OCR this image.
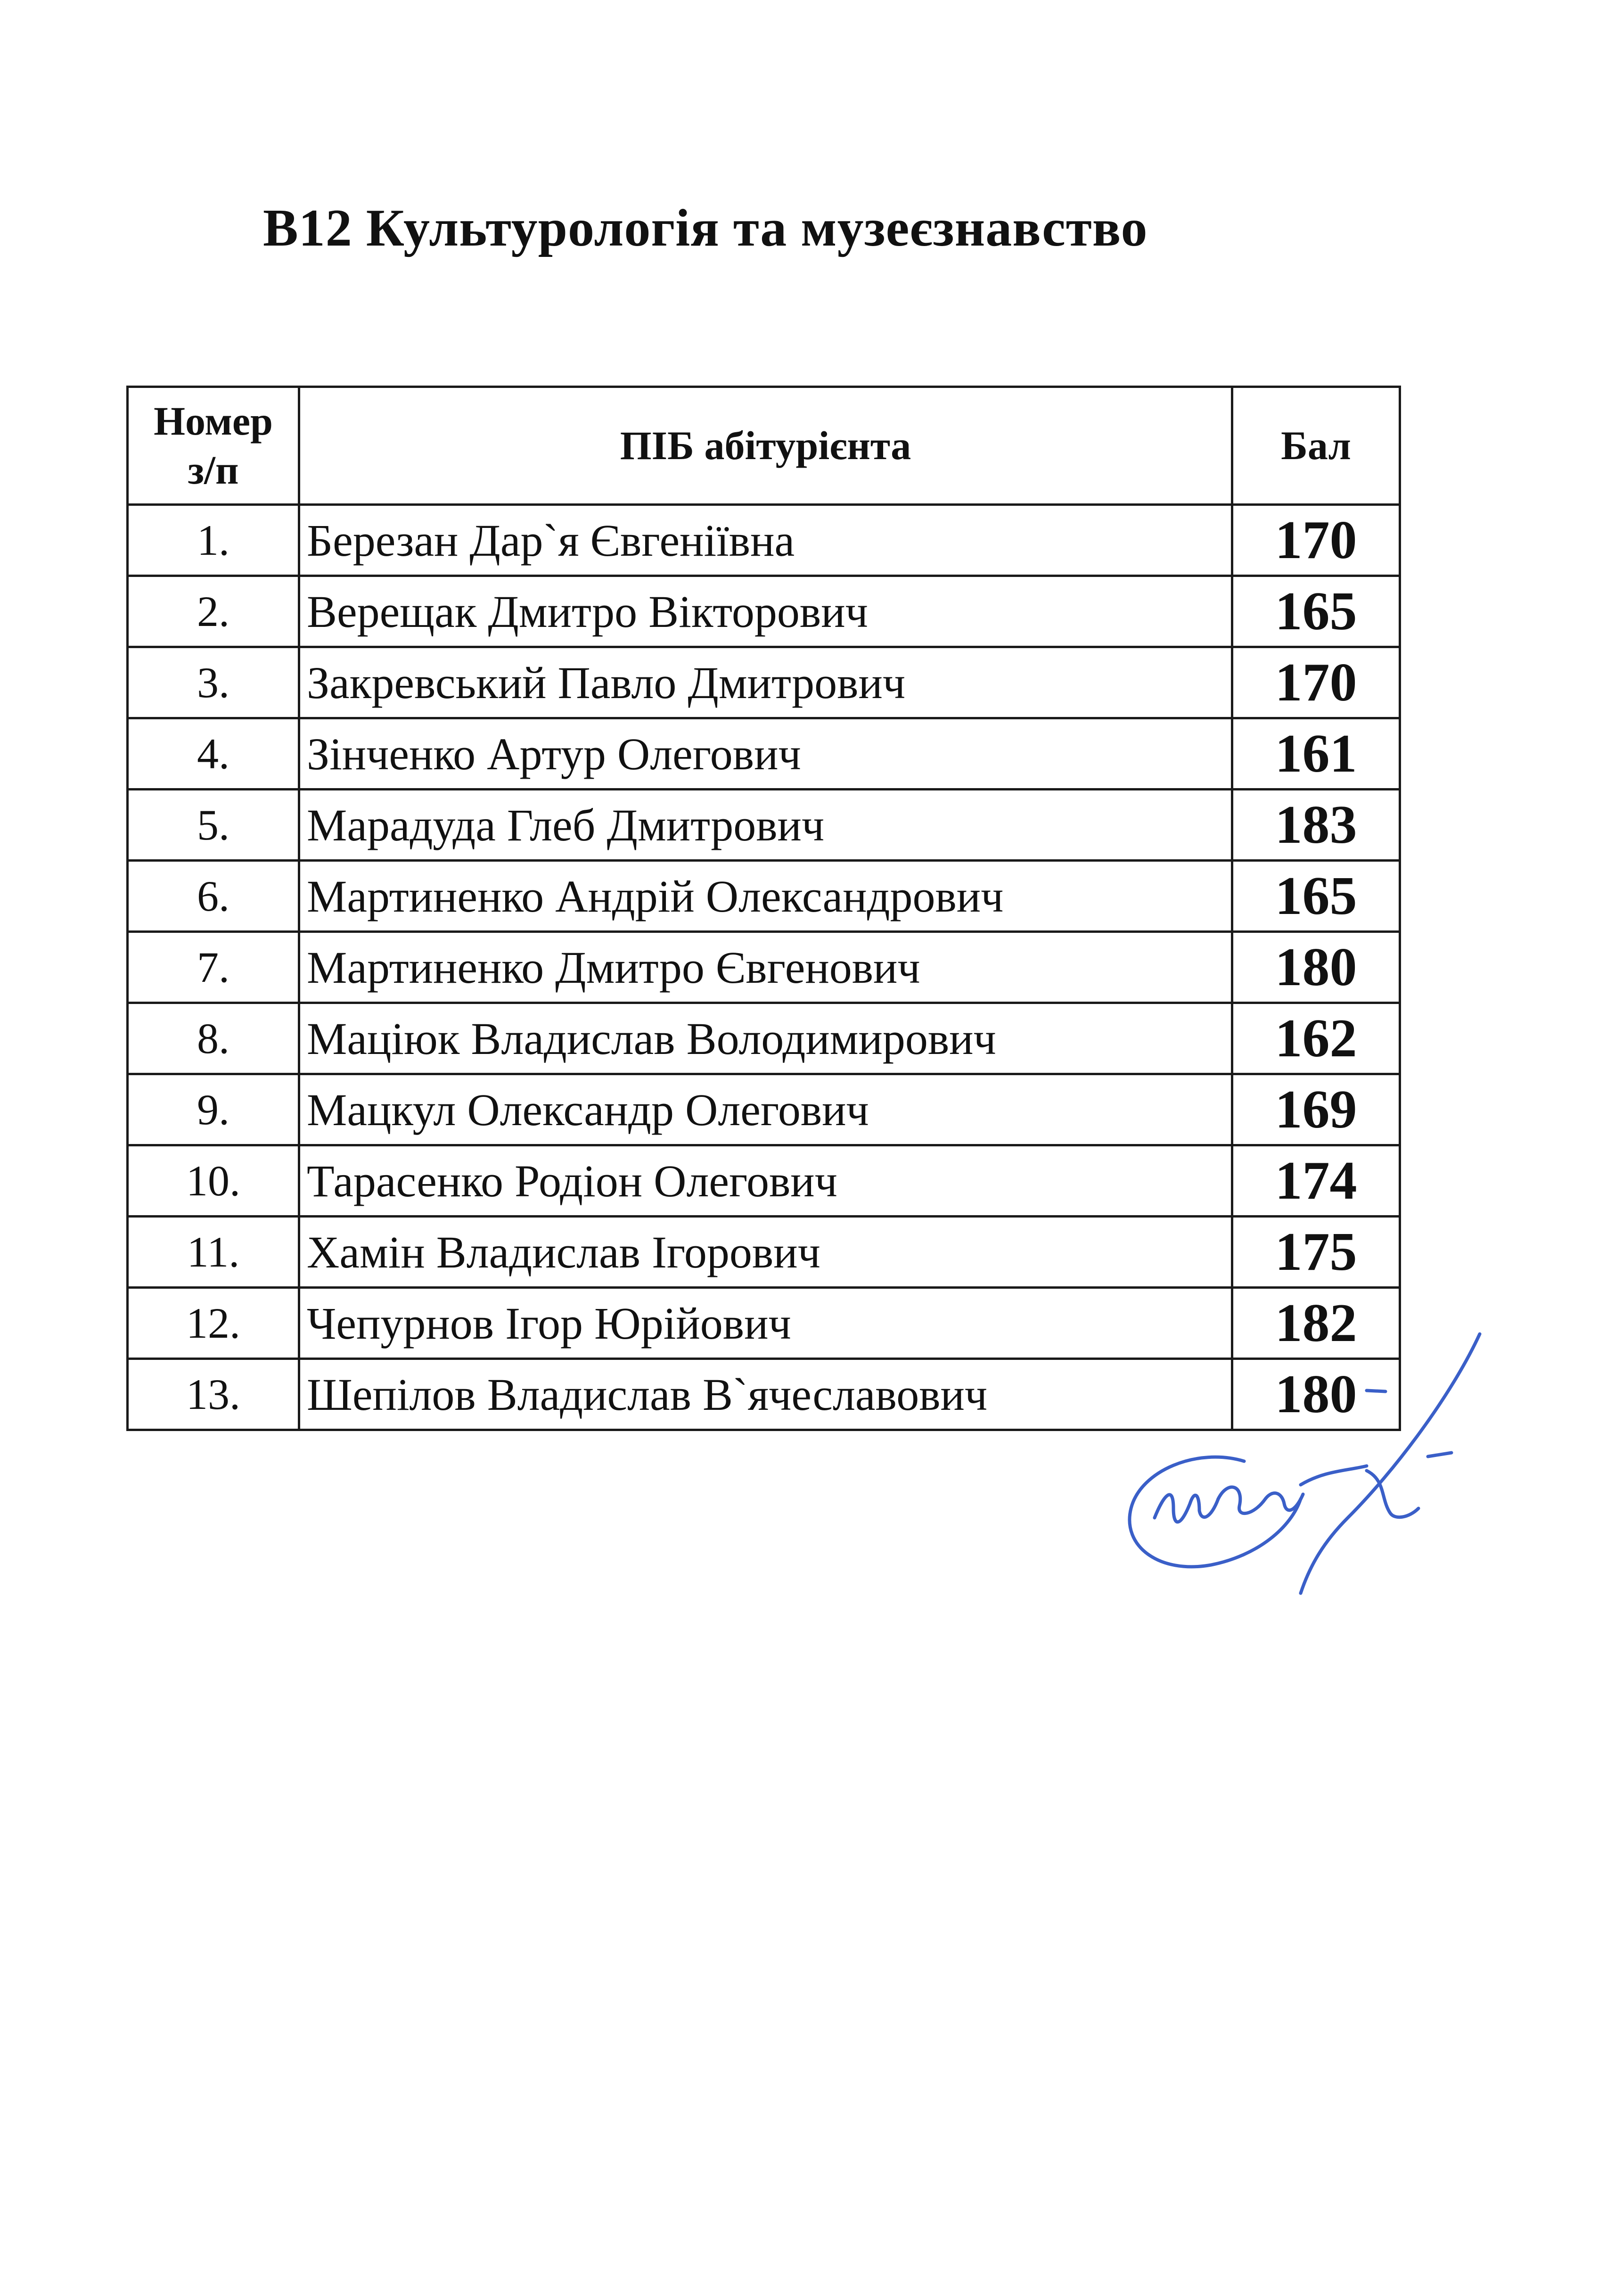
В12 Культурологія та музеєзнавство
Номер
з/п	ПІБ абітурієнта	Бал
1.	Березан Дар`я Євгеніївна	170
2.	Верещак Дмитро Вікторович	165
3.	Закревський Павло Дмитрович	170
4.	Зінченко Артур Олегович	161
5.	Марадуда Глеб Дмитрович	183
6.	Мартиненко Андрій Олександрович	165
7.	Мартиненко Дмитро Євгенович	180
8.	Маціюк Владислав Володимирович	162
9.	Мацкул Олександр Олегович	169
10.	Тарасенко Родіон Олегович	174
11.	Хамін Владислав Ігорович	175
12.	Чепурнов Ігор Юрійович	182
13.	Шепілов Владислав В`ячеславович	180
